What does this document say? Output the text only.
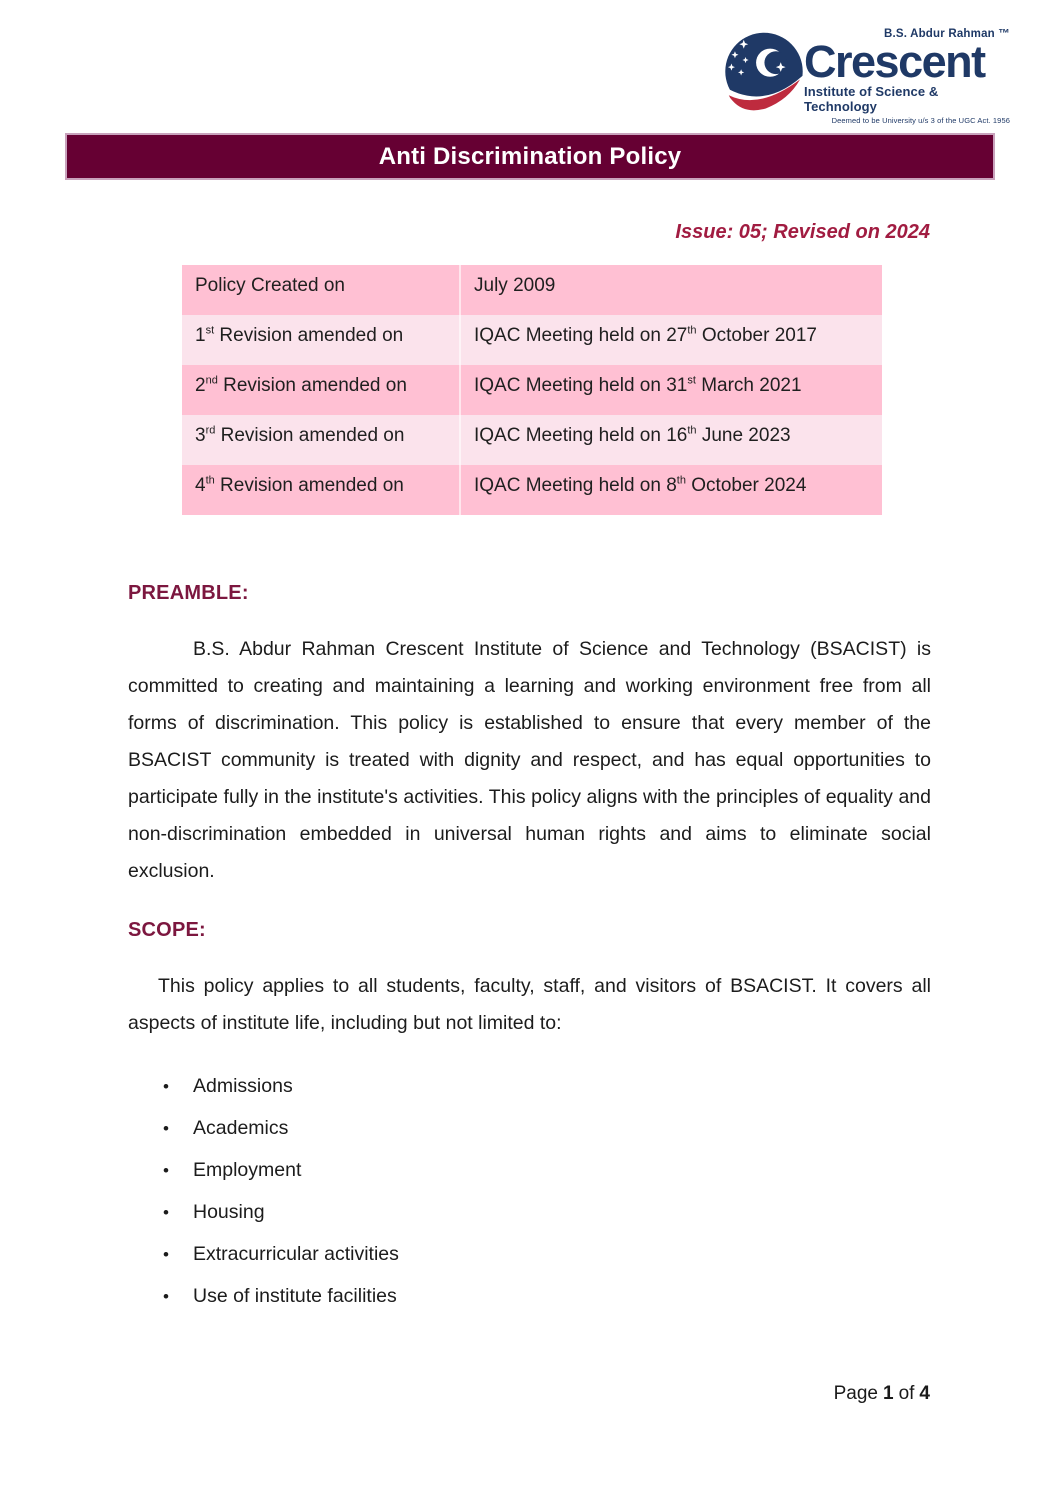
B.S. Abdur Rahman ™
Crescent
Institute of Science & Technology
Deemed to be University u/s 3 of the UGC Act. 1956
Anti Discrimination Policy
Issue: 05; Revised on 2024
Policy Created on	July 2009
1st Revision amended on	IQAC Meeting held on 27th October 2017
2nd Revision amended on	IQAC Meeting held on 31st March 2021
3rd Revision amended on	IQAC Meeting held on 16th June 2023
4th Revision amended on	IQAC Meeting held on 8th October 2024
PREAMBLE:

B.S. Abdur Rahman Crescent Institute of Science and Technology (BSACIST) is committed to creating and maintaining a learning and working environment free from all forms of discrimination. This policy is established to ensure that every member of the BSACIST community is treated with dignity and respect, and has equal opportunities to participate fully in the institute's activities. This policy aligns with the principles of equality and non-discrimination embedded in universal human rights and aims to eliminate social exclusion.

SCOPE:

This policy applies to all students, faculty, staff, and visitors of BSACIST. It covers all aspects of institute life, including but not limited to:

•	Admissions
•	Academics
•	Employment
•	Housing
•	Extracurricular activities
•	Use of institute facilities
Page 1 of 4
